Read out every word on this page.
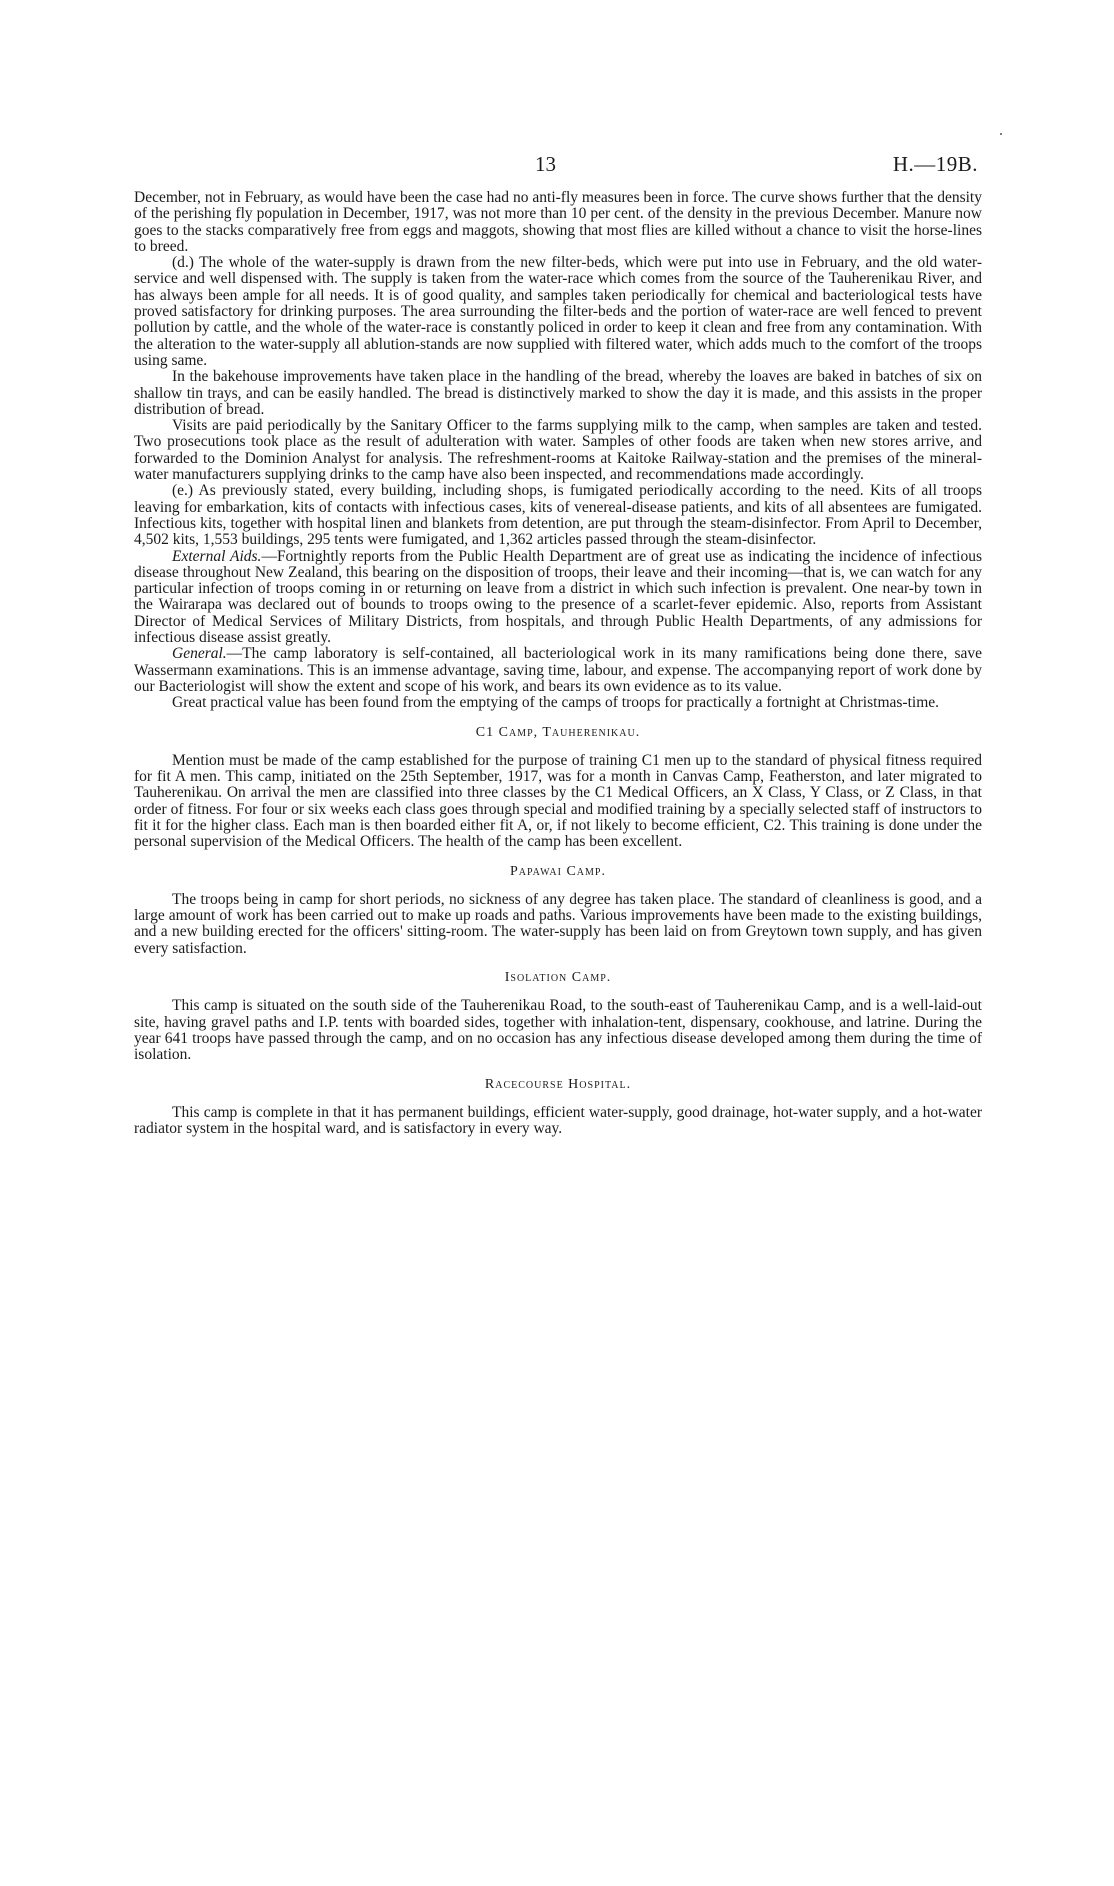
13	H.—19B.

December, not in February, as would have been the case had no anti-fly measures been in force. The curve shows further that the density of the perishing fly population in December, 1917, was not more than 10 per cent. of the density in the previous December. Manure now goes to the stacks comparatively free from eggs and maggots, showing that most flies are killed without a chance to visit the horse-lines to breed.

(d.) The whole of the water-supply is drawn from the new filter-beds, which were put into use in February, and the old water-service and well dispensed with. The supply is taken from the water-race which comes from the source of the Tauherenikau River, and has always been ample for all needs. It is of good quality, and samples taken periodically for chemical and bacteriological tests have proved satisfactory for drinking purposes. The area surrounding the filter-beds and the portion of water-race are well fenced to prevent pollution by cattle, and the whole of the water-race is constantly policed in order to keep it clean and free from any contamination. With the alteration to the water-supply all ablution-stands are now supplied with filtered water, which adds much to the comfort of the troops using same.

In the bakehouse improvements have taken place in the handling of the bread, whereby the loaves are baked in batches of six on shallow tin trays, and can be easily handled. The bread is distinctively marked to show the day it is made, and this assists in the proper distribution of bread.

Visits are paid periodically by the Sanitary Officer to the farms supplying milk to the camp, when samples are taken and tested. Two prosecutions took place as the result of adulteration with water. Samples of other foods are taken when new stores arrive, and forwarded to the Dominion Analyst for analysis. The refreshment-rooms at Kaitoke Railway-station and the premises of the mineral-water manufacturers supplying drinks to the camp have also been inspected, and recommendations made accordingly.

(e.) As previously stated, every building, including shops, is fumigated periodically according to the need. Kits of all troops leaving for embarkation, kits of contacts with infectious cases, kits of venereal-disease patients, and kits of all absentees are fumigated. Infectious kits, together with hospital linen and blankets from detention, are put through the steam-disinfector. From April to December, 4,502 kits, 1,553 buildings, 295 tents were fumigated, and 1,362 articles passed through the steam-disinfector.

External Aids.—Fortnightly reports from the Public Health Department are of great use as indicating the incidence of infectious disease throughout New Zealand, this bearing on the disposition of troops, their leave and their incoming—that is, we can watch for any particular infection of troops coming in or returning on leave from a district in which such infection is prevalent. One near-by town in the Wairarapa was declared out of bounds to troops owing to the presence of a scarlet-fever epidemic. Also, reports from Assistant Director of Medical Services of Military Districts, from hospitals, and through Public Health Departments, of any admissions for infectious disease assist greatly.

General.—The camp laboratory is self-contained, all bacteriological work in its many ramifications being done there, save Wassermann examinations. This is an immense advantage, saving time, labour, and expense. The accompanying report of work done by our Bacteriologist will show the extent and scope of his work, and bears its own evidence as to its value.

Great practical value has been found from the emptying of the camps of troops for practically a fortnight at Christmas-time.

C1 Camp, Tauherenikau.

Mention must be made of the camp established for the purpose of training C1 men up to the standard of physical fitness required for fit A men. This camp, initiated on the 25th September, 1917, was for a month in Canvas Camp, Featherston, and later migrated to Tauherenikau. On arrival the men are classified into three classes by the C1 Medical Officers, an X Class, Y Class, or Z Class, in that order of fitness. For four or six weeks each class goes through special and modified training by a specially selected staff of instructors to fit it for the higher class. Each man is then boarded either fit A, or, if not likely to become efficient, C2. This training is done under the personal supervision of the Medical Officers. The health of the camp has been excellent.

Papawai Camp.

The troops being in camp for short periods, no sickness of any degree has taken place. The standard of cleanliness is good, and a large amount of work has been carried out to make up roads and paths. Various improvements have been made to the existing buildings, and a new building erected for the officers' sitting-room. The water-supply has been laid on from Greytown town supply, and has given every satisfaction.

Isolation Camp.

This camp is situated on the south side of the Tauherenikau Road, to the south-east of Tauherenikau Camp, and is a well-laid-out site, having gravel paths and I.P. tents with boarded sides, together with inhalation-tent, dispensary, cookhouse, and latrine. During the year 641 troops have passed through the camp, and on no occasion has any infectious disease developed among them during the time of isolation.

Racecourse Hospital.

This camp is complete in that it has permanent buildings, efficient water-supply, good drainage, hot-water supply, and a hot-water radiator system in the hospital ward, and is satisfactory in every way.
